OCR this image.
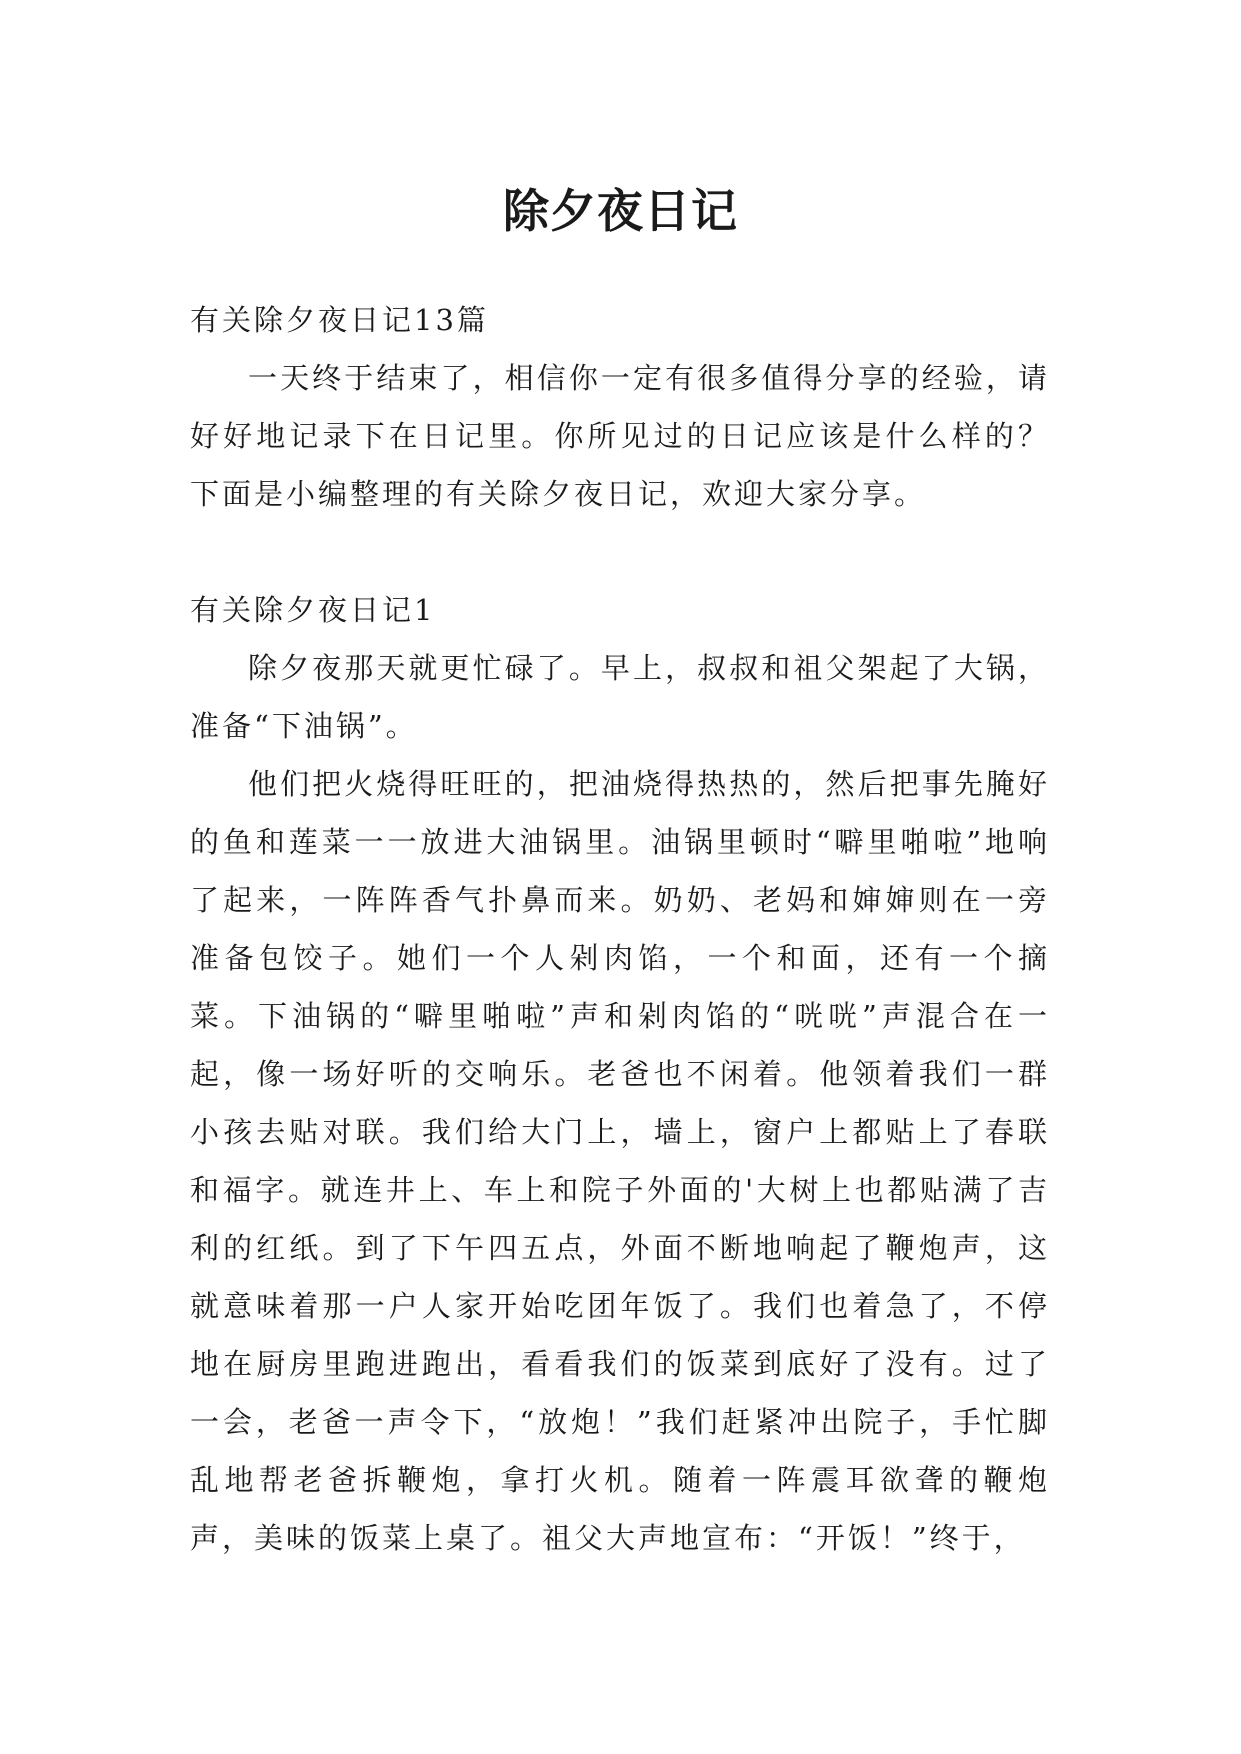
除夕夜日记

有关除夕夜日记13篇

一天终于结束了，相信你一定有很多值得分享的经验，请好好地记录下在日记里。你所见过的日记应该是什么样的？下面是小编整理的有关除夕夜日记，欢迎大家分享。

有关除夕夜日记1

除夕夜那天就更忙碌了。早上，叔叔和祖父架起了大锅，准备“下油锅”。

他们把火烧得旺旺的，把油烧得热热的，然后把事先腌好的鱼和莲菜一一放进大油锅里。油锅里顿时“噼里啪啦”地响了起来，一阵阵香气扑鼻而来。奶奶、老妈和婶婶则在一旁准备包饺子。她们一个人剁肉馅，一个和面，还有一个摘菜。下油锅的“噼里啪啦”声和剁肉馅的“咣咣”声混合在一起，像一场好听的交响乐。老爸也不闲着。他领着我们一群小孩去贴对联。我们给大门上，墙上，窗户上都贴上了春联和福字。就连井上、车上和院子外面的'大树上也都贴满了吉利的红纸。到了下午四五点，外面不断地响起了鞭炮声，这就意味着那一户人家开始吃团年饭了。我们也着急了，不停地在厨房里跑进跑出，看看我们的饭菜到底好了没有。过了一会，老爸一声令下，“放炮！”我们赶紧冲出院子，手忙脚乱地帮老爸拆鞭炮，拿打火机。随着一阵震耳欲聋的鞭炮声，美味的饭菜上桌了。祖父大声地宣布：“开饭！”终于，
